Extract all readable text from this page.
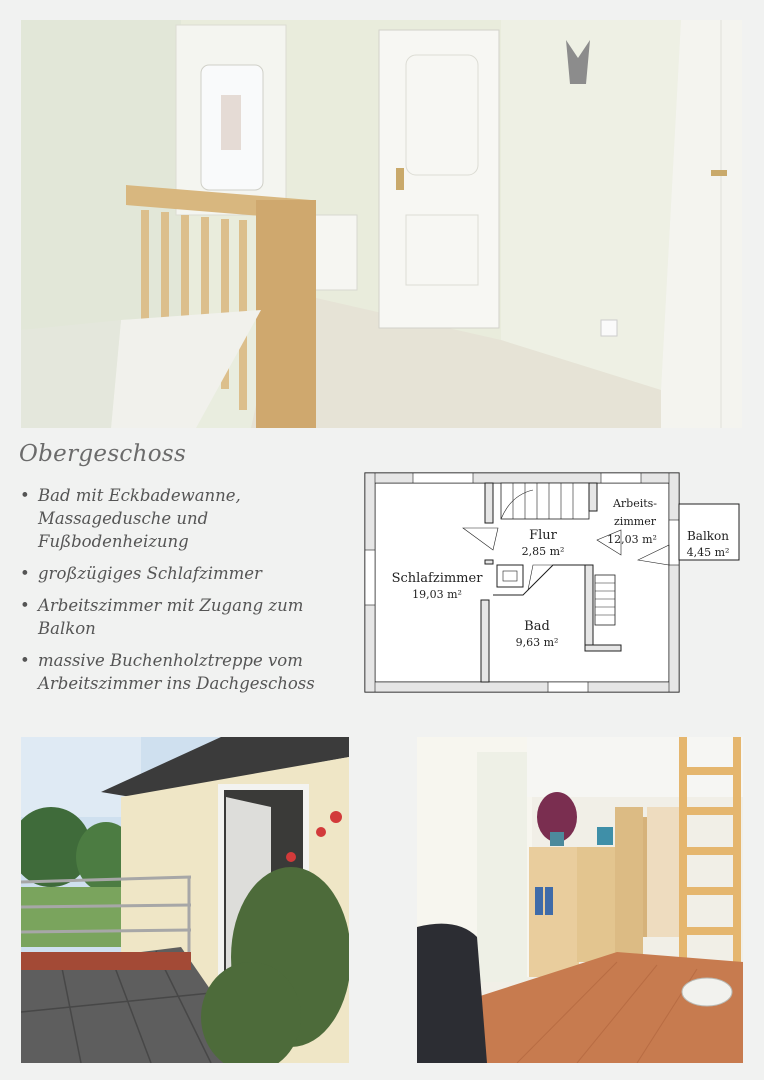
Obergeschoss
• Bad mit Eckbadewanne, Massagedusche und Fußbodenheizung
• großzügiges Schlafzimmer
• Arbeitszimmer mit Zugang zum Balkon
• massive Buchenholztreppe vom Arbeitszimmer ins Dachgeschoss
Flur
2,85 m²
Arbeits-
zimmer
12,03 m²	Balkon
4,45 m²
Schlafzimmer
19,03 m²
Bad
9,63 m²
